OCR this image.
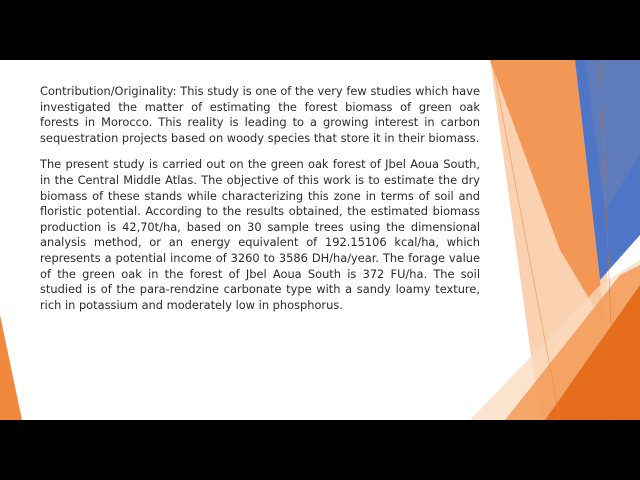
Contribution/Originality: This study is one of the very few studies which have investigated the matter of estimating the forest biomass of green oak forests in Morocco. This reality is leading to a growing interest in carbon sequestration projects based on woody species that store it in their biomass.

The present study is carried out on the green oak forest of Jbel Aoua South, in the Central Middle Atlas. The objective of this work is to estimate the dry biomass of these stands while characterizing this zone in terms of soil and floristic potential. According to the results obtained, the estimated biomass production is 42,70t/ha, based on 30 sample trees using the dimensional analysis method, or an energy equivalent of 192.15106 kcal/ha, which represents a potential income of 3260 to 3586 DH/ha/year. The forage value of the green oak in the forest of Jbel Aoua South is 372 FU/ha. The soil studied is of the para-rendzine carbonate type with a sandy loamy texture, rich in potassium and moderately low in phosphorus.
